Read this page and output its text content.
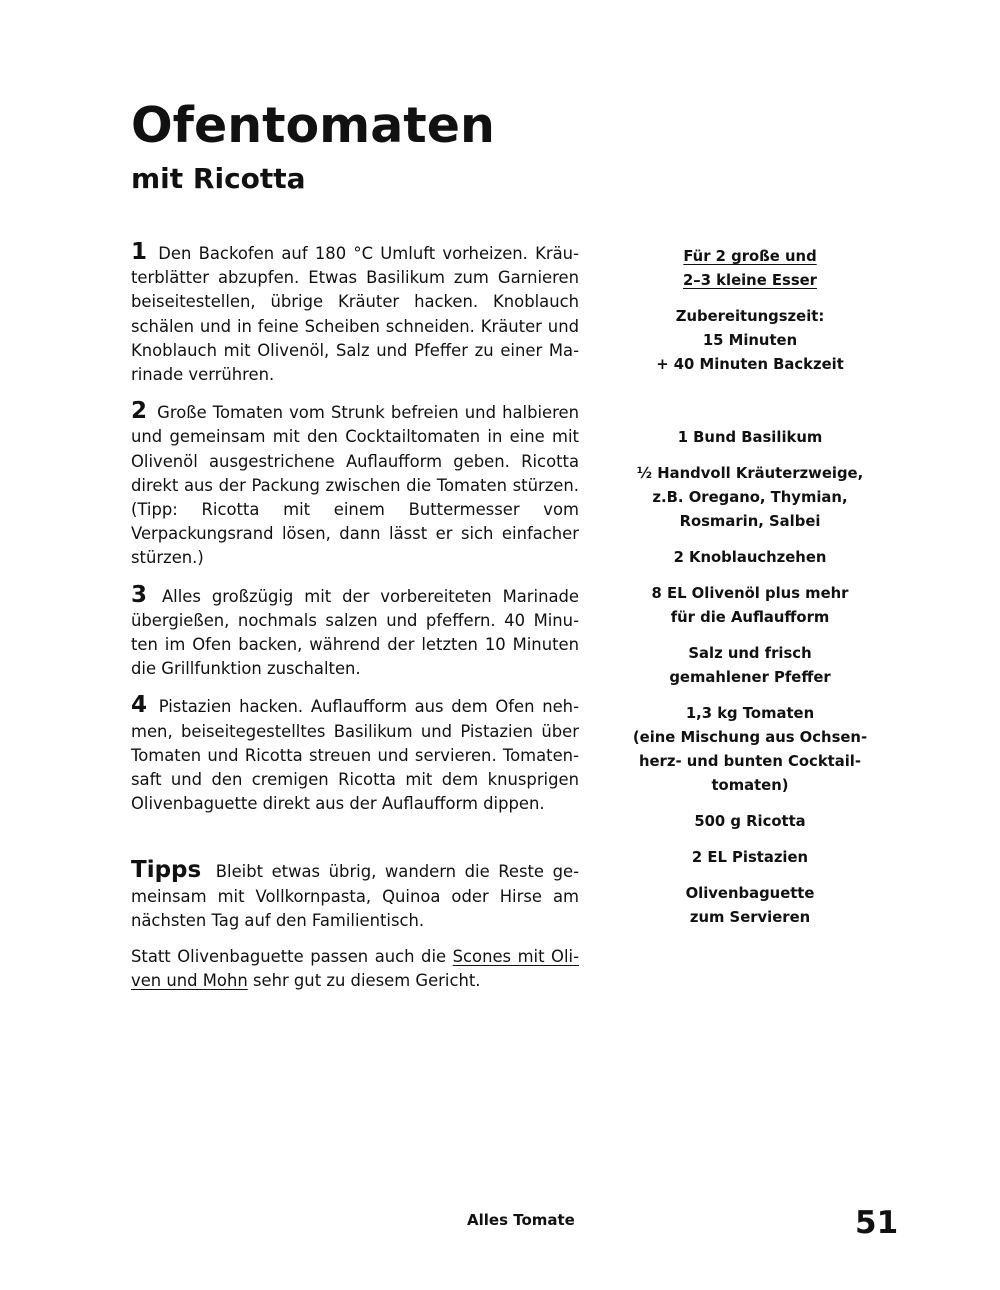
Ofentomaten
mit Ricotta

1 Den Backofen auf 180 °C Umluft vorheizen. Kräuterblätter abzupfen. Etwas Basilikum zum Garnieren beiseitestellen, übrige Kräuter hacken. Knoblauch schälen und in feine Scheiben schneiden. Kräuter und Knoblauch mit Olivenöl, Salz und Pfeffer zu einer Marinade verrühren.

2 Große Tomaten vom Strunk befreien und halbieren und gemeinsam mit den Cocktailtomaten in eine mit Olivenöl ausgestrichene Auflaufform geben. Ricotta direkt aus der Packung zwischen die Tomaten stürzen. (Tipp: Ricotta mit einem Buttermesser vom Verpackungsrand lösen, dann lässt er sich einfacher stürzen.)

3 Alles großzügig mit der vorbereiteten Marinade übergießen, nochmals salzen und pfeffern. 40 Minuten im Ofen backen, während der letzten 10 Minuten die Grillfunktion zuschalten.

4 Pistazien hacken. Auflaufform aus dem Ofen nehmen, beiseitegestelltes Basilikum und Pistazien über Tomaten und Ricotta streuen und servieren. Tomatensaft und den cremigen Ricotta mit dem knusprigen Olivenbaguette direkt aus der Auflaufform dippen.

Tipps Bleibt etwas übrig, wandern die Reste gemeinsam mit Vollkornpasta, Quinoa oder Hirse am nächsten Tag auf den Familientisch.

Statt Olivenbaguette passen auch die Scones mit Oliven und Mohn sehr gut zu diesem Gericht.

Für 2 große und
2–3 kleine Esser

Zubereitungszeit:
15 Minuten
+ 40 Minuten Backzeit

1 Bund Basilikum

½ Handvoll Kräuterzweige,
z.B. Oregano, Thymian,
Rosmarin, Salbei

2 Knoblauchzehen

8 EL Olivenöl plus mehr
für die Auflaufform

Salz und frisch
gemahlener Pfeffer

1,3 kg Tomaten
(eine Mischung aus Ochsen-
herz- und bunten Cocktail-
tomaten)

500 g Ricotta

2 EL Pistazien

Olivenbaguette
zum Servieren

Alles Tomate	51
